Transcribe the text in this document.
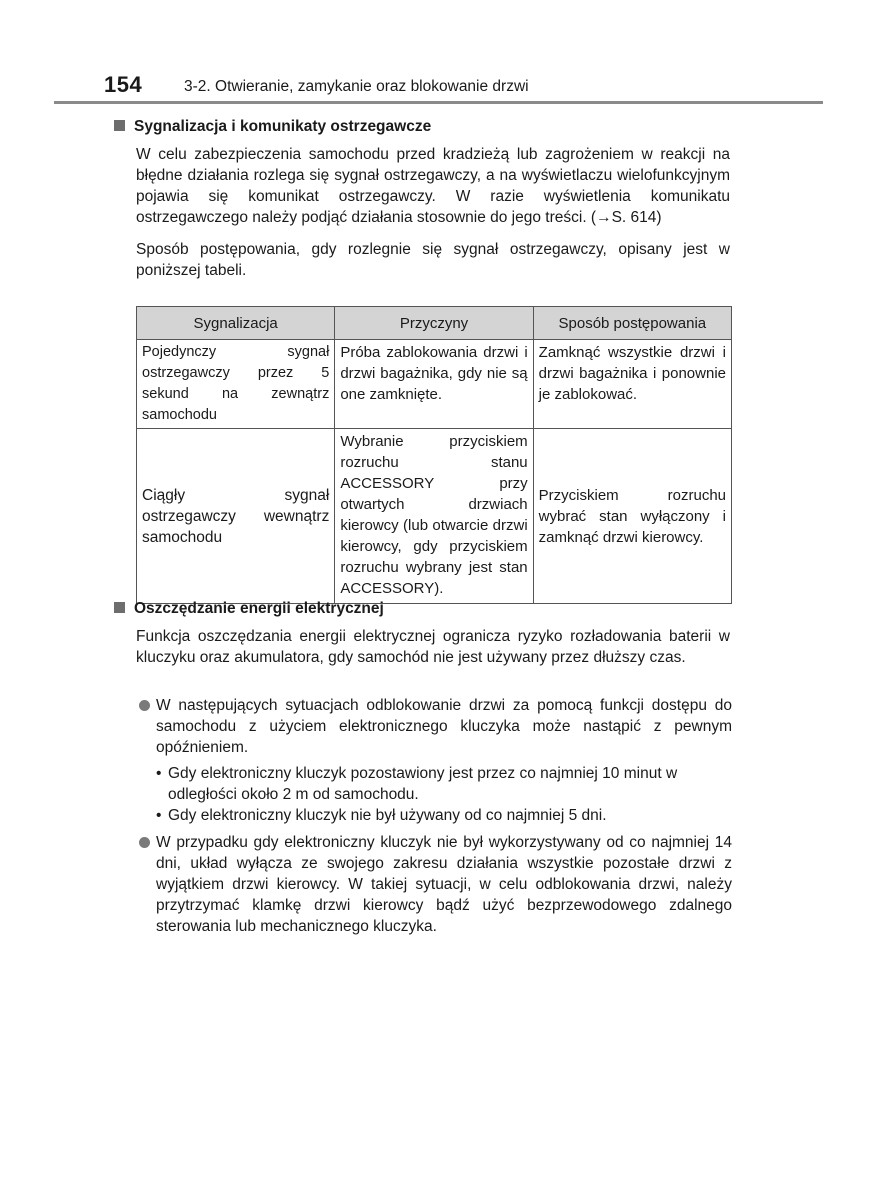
154	3-2. Otwieranie, zamykanie oraz blokowanie drzwi
Sygnalizacja i komunikaty ostrzegawcze

W celu zabezpieczenia samochodu przed kradzieżą lub zagrożeniem w reakcji na błędne działania rozlega się sygnał ostrzegawczy, a na wyświetlaczu wielofunkcyjnym pojawia się komunikat ostrzegawczy. W razie wyświetlenia komunikatu ostrzegawczego należy podjąć działania stosownie do jego treści. (→S. 614)

Sposób postępowania, gdy rozlegnie się sygnał ostrzegawczy, opisany jest w poniższej tabeli.

Sygnalizacja	Przyczyny	Sposób postępowania
Pojedynczy sygnał ostrzegawczy przez 5 sekund na zewnątrz samochodu	Próba zablokowania drzwi i drzwi bagażnika, gdy nie są one zamknięte.	Zamknąć wszystkie drzwi i drzwi bagażnika i ponownie je zablokować.
Ciągły sygnał ostrzegawczy wewnątrz samochodu	Wybranie przyciskiem rozruchu stanu ACCESSORY przy otwartych drzwiach kierowcy (lub otwarcie drzwi kierowcy, gdy przyciskiem rozruchu wybrany jest stan ACCESSORY).	Przyciskiem rozruchu wybrać stan wyłączony i zamknąć drzwi kierowcy.
Oszczędzanie energii elektrycznej

Funkcja oszczędzania energii elektrycznej ogranicza ryzyko rozładowania baterii w kluczyku oraz akumulatora, gdy samochód nie jest używany przez dłuższy czas.

W następujących sytuacjach odblokowanie drzwi za pomocą funkcji dostępu do samochodu z użyciem elektronicznego kluczyka może nastąpić z pewnym opóźnieniem.
• Gdy elektroniczny kluczyk pozostawiony jest przez co najmniej 10 minut w odległości około 2 m od samochodu.
• Gdy elektroniczny kluczyk nie był używany od co najmniej 5 dni.
W przypadku gdy elektroniczny kluczyk nie był wykorzystywany od co najmniej 14 dni, układ wyłącza ze swojego zakresu działania wszystkie pozostałe drzwi z wyjątkiem drzwi kierowcy. W takiej sytuacji, w celu odblokowania drzwi, należy przytrzymać klamkę drzwi kierowcy bądź użyć bezprzewodowego zdalnego sterowania lub mechanicznego kluczyka.
